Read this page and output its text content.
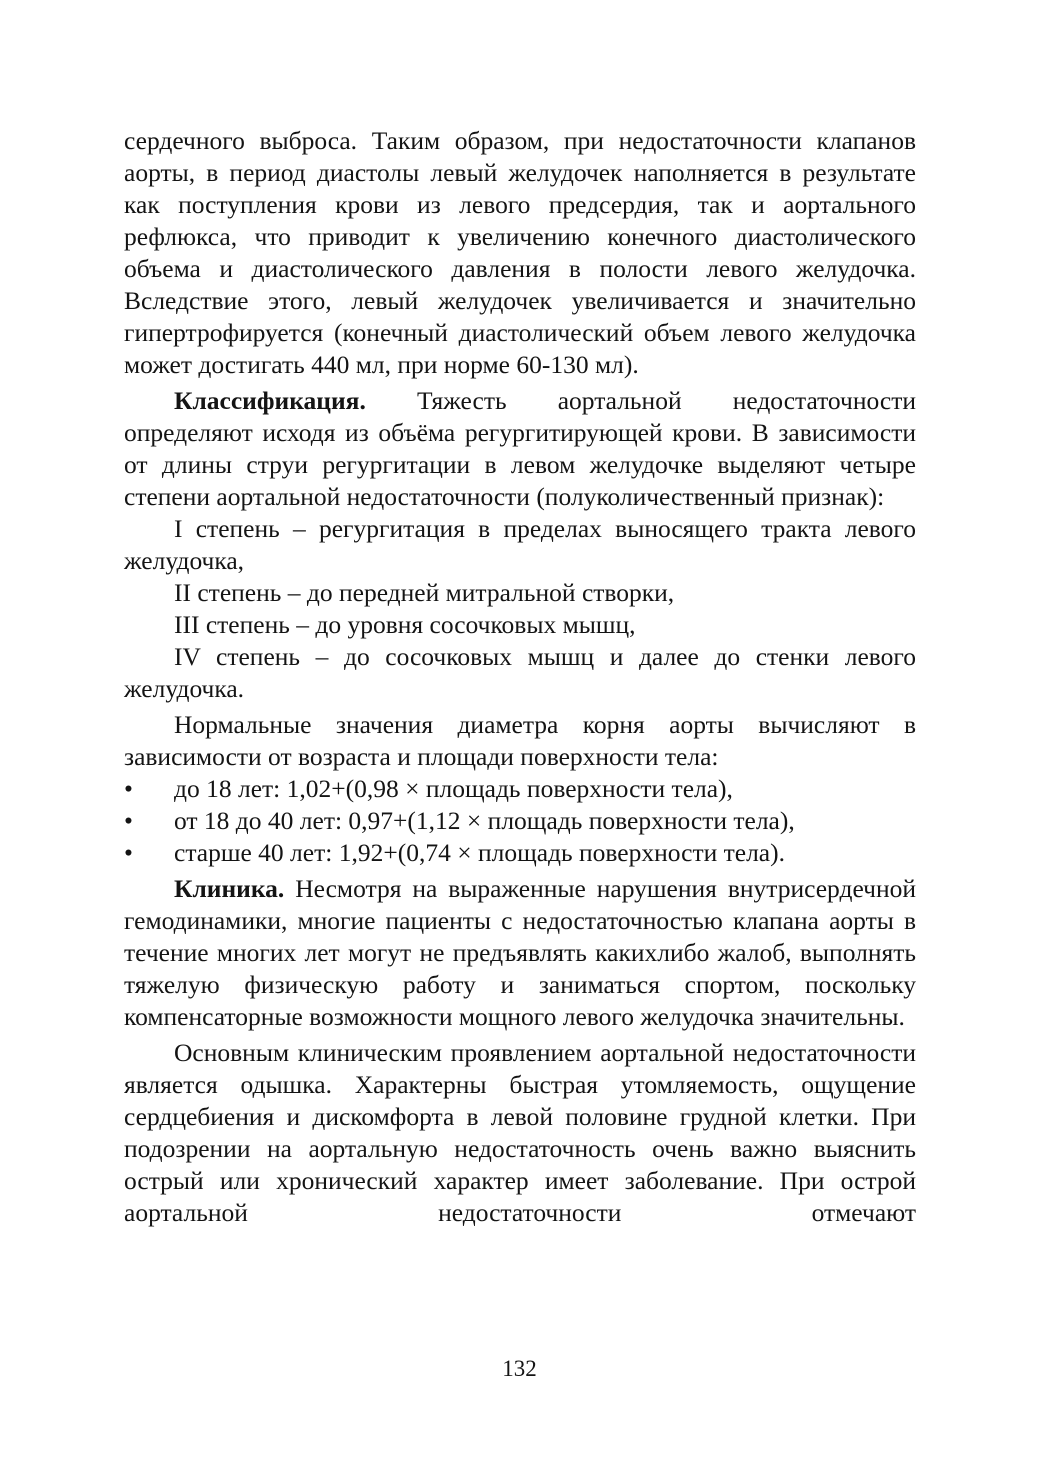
сердечного выброса. Таким образом, при недостаточности клапанов аорты, в период диастолы левый желудочек наполняется в результате как поступления крови из левого предсердия, так и аортального рефлюкса, что приводит к увеличению конечного диастолического объема и диастолического давления в полости левого желудочка. Вследствие этого, левый желудочек увеличивается и значительно гипертрофируется (конечный диастолический объем левого желудочка может достигать 440 мл, при норме 60-130 мл).

Классификация. Тяжесть аортальной недостаточности определяют исходя из объёма регургитирующей крови. В зависимости от длины струи регургитации в левом желудочке выделяют четыре степени аортальной недостаточности (полуколичественный признак):

I степень – регургитация в пределах выносящего тракта левого желудочка,

II степень – до передней митральной створки,

III степень – до уровня сосочковых мышц,

IV степень – до сосочковых мышц и далее до стенки левого желудочка.

Нормальные значения диаметра корня аорты вычисляют в зависимости от возраста и площади поверхности тела:

• до 18 лет: 1,02+(0,98 × площадь поверхности тела),
• от 18 до 40 лет: 0,97+(1,12 × площадь поверхности тела),
• старше 40 лет: 1,92+(0,74 × площадь поверхности тела).

Клиника. Несмотря на выраженные нарушения внутрисердечной гемодинамики, многие пациенты с недостаточностью клапана аорты в течение многих лет могут не предъявлять какихлибо жалоб, выполнять тяжелую физическую работу и заниматься спортом, поскольку компенсаторные возможности мощного левого желудочка значительны.

Основным клиническим проявлением аортальной недостаточности является одышка. Характерны быстрая утомляемость, ощущение сердцебиения и дискомфорта в левой половине грудной клетки. При подозрении на аортальную недостаточность очень важно выяснить острый или хронический характер имеет заболевание. При острой аортальной недостаточности отмечают

132
